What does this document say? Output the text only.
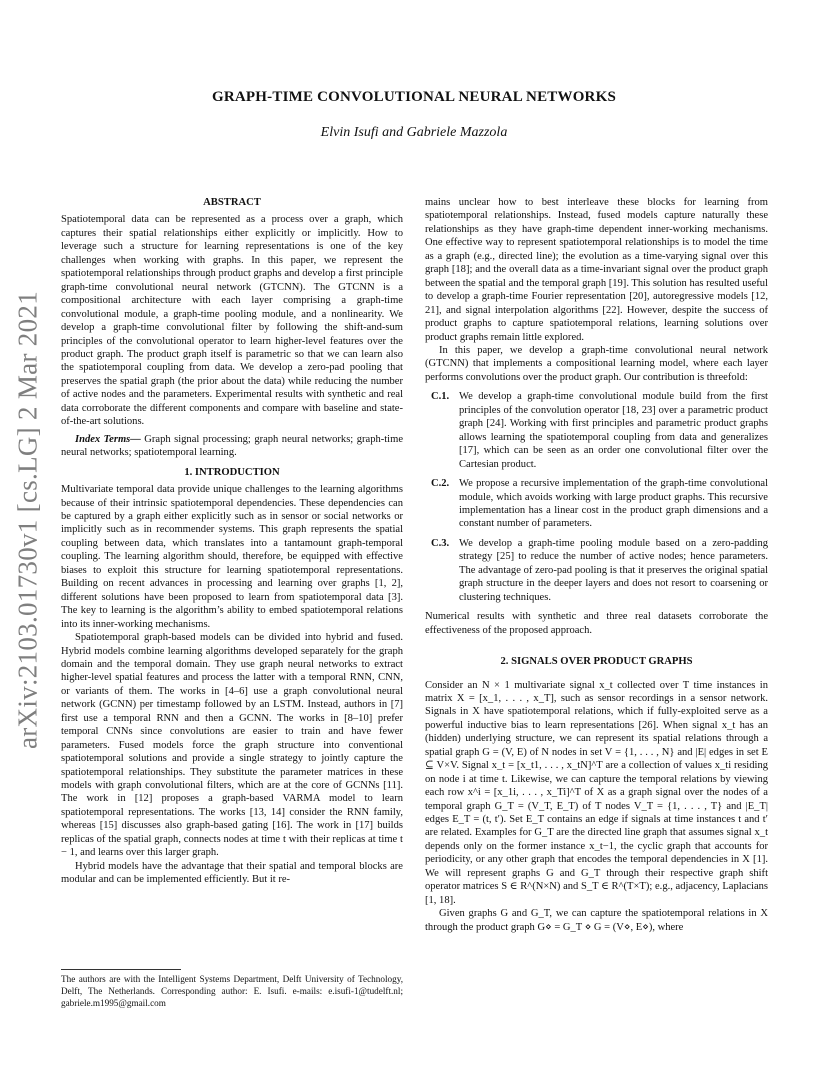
arXiv:2103.01730v1 [cs.LG] 2 Mar 2021
GRAPH-TIME CONVOLUTIONAL NEURAL NETWORKS
Elvin Isufi and Gabriele Mazzola
ABSTRACT

Spatiotemporal data can be represented as a process over a graph, which captures their spatial relationships either explicitly or implicitly. How to leverage such a structure for learning representations is one of the key challenges when working with graphs. In this paper, we represent the spatiotemporal relationships through product graphs and develop a first principle graph-time convolutional neural network (GTCNN). The GTCNN is a compositional architecture with each layer comprising a graph-time convolutional module, a graph-time pooling module, and a nonlinearity. We develop a graph-time convolutional filter by following the shift-and-sum principles of the convolutional operator to learn higher-level features over the product graph. The product graph itself is parametric so that we can learn also the spatiotemporal coupling from data. We develop a zero-pad pooling that preserves the spatial graph (the prior about the data) while reducing the number of active nodes and the parameters. Experimental results with synthetic and real data corroborate the different components and compare with baseline and state-of-the-art solutions.

Index Terms— Graph signal processing; graph neural networks; graph-time neural networks; spatiotemporal learning.

1. INTRODUCTION

Multivariate temporal data provide unique challenges to the learning algorithms because of their intrinsic spatiotemporal dependencies. These dependencies can be captured by a graph either explicitly such as in sensor or social networks or implicitly such as in recommender systems. This graph represents the spatial coupling between data, which translates into a tantamount graph-temporal coupling. The learning algorithm should, therefore, be equipped with effective biases to exploit this structure for learning spatiotemporal representations. Building on recent advances in processing and learning over graphs [1, 2], different solutions have been proposed to learn from spatiotemporal data [3]. The key to learning is the algorithm’s ability to embed spatiotemporal relations into its inner-working mechanisms.

Spatiotemporal graph-based models can be divided into hybrid and fused. Hybrid models combine learning algorithms developed separately for the graph domain and the temporal domain. They use graph neural networks to extract higher-level spatial features and process the latter with a temporal RNN, CNN, or variants of them. The works in [4–6] use a graph convolutional neural network (GCNN) per timestamp followed by an LSTM. Instead, authors in [7] first use a temporal RNN and then a GCNN. The works in [8–10] prefer temporal CNNs since convolutions are easier to train and have fewer parameters. Fused models force the graph structure into conventional spatiotemporal solutions and provide a single strategy to jointly capture the spatiotemporal relationships. They substitute the parameter matrices in these models with graph convolutional filters, which are at the core of GCNNs [11]. The work in [12] proposes a graph-based VARMA model to learn spatiotemporal representations. The works [13, 14] consider the RNN family, whereas [15] discusses also graph-based gating [16]. The work in [17] builds replicas of the spatial graph, connects nodes at time t with their replicas at time t − 1, and learns over this larger graph.

Hybrid models have the advantage that their spatial and temporal blocks are modular and can be implemented efficiently. But it re-

The authors are with the Intelligent Systems Department, Delft University of Technology, Delft, The Netherlands. Corresponding author: E. Isufi. e-mails: e.isufi-1@tudelft.nl; gabriele.m1995@gmail.com

mains unclear how to best interleave these blocks for learning from spatiotemporal relationships. Instead, fused models capture naturally these relationships as they have graph-time dependent inner-working mechanisms. One effective way to represent spatiotemporal relationships is to model the time as a graph (e.g., directed line); the evolution as a time-varying signal over this graph [18]; and the overall data as a time-invariant signal over the product graph between the spatial and the temporal graph [19]. This solution has resulted useful to develop a graph-time Fourier representation [20], autoregressive models [12, 21], and signal interpolation algorithms [22]. However, despite the success of product graphs to capture spatiotemporal relations, learning solutions over product graphs remain little explored.

In this paper, we develop a graph-time convolutional neural network (GTCNN) that implements a compositional learning model, where each layer performs convolutions over the product graph. Our contribution is threefold:

C.1. We develop a graph-time convolutional module build from the first principles of the convolution operator [18, 23] over a parametric product graph [24]. Working with first principles and parametric product graphs allows learning the spatiotemporal coupling from data and generalizes [17], which can be seen as an order one convolutional filter over the Cartesian product.
C.2. We propose a recursive implementation of the graph-time convolutional module, which avoids working with large product graphs. This recursive implementation has a linear cost in the product graph dimensions and a constant number of parameters.
C.3. We develop a graph-time pooling module based on a zero-padding strategy [25] to reduce the number of active nodes; hence parameters. The advantage of zero-pad pooling is that it preserves the original spatial graph structure in the deeper layers and does not resort to coarsening or clustering techniques.

Numerical results with synthetic and three real datasets corroborate the effectiveness of the proposed approach.

2. SIGNALS OVER PRODUCT GRAPHS

Consider an N × 1 multivariate signal x_t collected over T time instances in matrix X = [x_1, . . . , x_T], such as sensor recordings in a sensor network. Signals in X have spatiotemporal relations, which if fully-exploited serve as a powerful inductive bias to learn representations [26]. When signal x_t has an (hidden) underlying structure, we can represent its spatial relations through a spatial graph G = (V, E) of N nodes in set V = {1, . . . , N} and |E| edges in set E ⊆ V×V. Signal x_t = [x_t1, . . . , x_tN]^T are a collection of values x_ti residing on node i at time t. Likewise, we can capture the temporal relations by viewing each row x^i = [x_1i, . . . , x_Ti]^T of X as a graph signal over the nodes of a temporal graph G_T = (V_T, E_T) of T nodes V_T = {1, . . . , T} and |E_T| edges E_T = (t, t′). Set E_T contains an edge if signals at time instances t and t′ are related. Examples for G_T are the directed line graph that assumes signal x_t depends only on the former instance x_t−1, the cyclic graph that accounts for periodicity, or any other graph that encodes the temporal dependencies in X [1]. We will represent graphs G and G_T through their respective graph shift operator matrices S ∈ R^(N×N) and S_T ∈ R^(T×T); e.g., adjacency, Laplacians [1, 18].

Given graphs G and G_T, we can capture the spatiotemporal relations in X through the product graph G⋄ = G_T ⋄ G = (V⋄, E⋄), where
